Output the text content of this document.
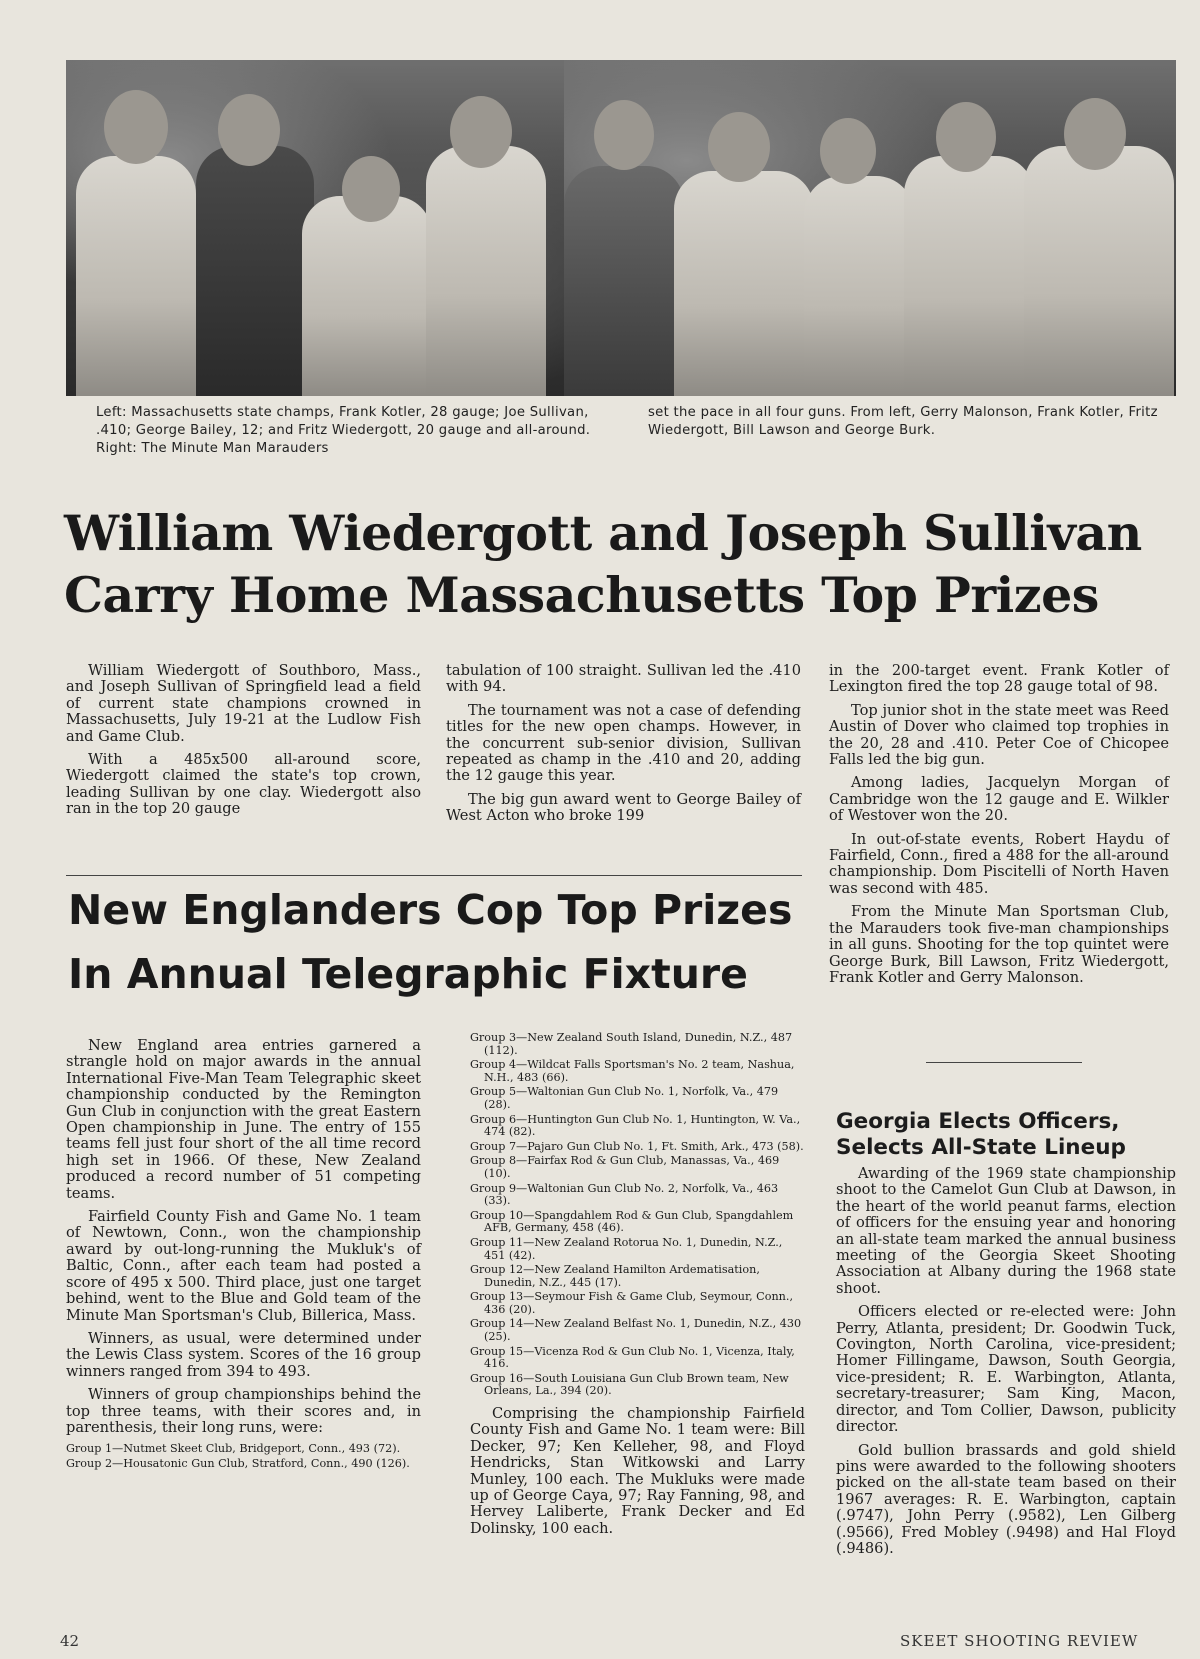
Left: Massachusetts state champs, Frank Kotler, 28 gauge; Joe Sullivan, .410; George Bailey, 12; and Fritz Wiedergott, 20 gauge and all-around. Right: The Minute Man Marauders
set the pace in all four guns. From left, Gerry Malonson, Frank Kotler, Fritz Wiedergott, Bill Lawson and George Burk.
William Wiedergott and Joseph Sullivan Carry Home Massachusetts Top Prizes

William Wiedergott of Southboro, Mass., and Joseph Sullivan of Springfield lead a field of current state champions crowned in Massachusetts, July 19-21 at the Ludlow Fish and Game Club.

With a 485x500 all-around score, Wiedergott claimed the state's top crown, leading Sullivan by one clay. Wiedergott also ran in the top 20 gauge

tabulation of 100 straight. Sullivan led the .410 with 94.

The tournament was not a case of defending titles for the new open champs. However, in the concurrent sub-senior division, Sullivan repeated as champ in the .410 and 20, adding the 12 gauge this year.

The big gun award went to George Bailey of West Acton who broke 199

in the 200-target event. Frank Kotler of Lexington fired the top 28 gauge total of 98.

Top junior shot in the state meet was Reed Austin of Dover who claimed top trophies in the 20, 28 and .410. Peter Coe of Chicopee Falls led the big gun.

Among ladies, Jacquelyn Morgan of Cambridge won the 12 gauge and E. Wilkler of Westover won the 20.

In out-of-state events, Robert Haydu of Fairfield, Conn., fired a 488 for the all-around championship. Dom Piscitelli of North Haven was second with 485.

From the Minute Man Sportsman Club, the Marauders took five-man championships in all guns. Shooting for the top quintet were George Burk, Bill Lawson, Fritz Wiedergott, Frank Kotler and Gerry Malonson.

New Englanders Cop Top Prizes In Annual Telegraphic Fixture

New England area entries garnered a strangle hold on major awards in the annual International Five-Man Team Telegraphic skeet championship conducted by the Remington Gun Club in conjunction with the great Eastern Open championship in June. The entry of 155 teams fell just four short of the all time record high set in 1966. Of these, New Zealand produced a record number of 51 competing teams.

Fairfield County Fish and Game No. 1 team of Newtown, Conn., won the championship award by out-long-running the Mukluk's of Baltic, Conn., after each team had posted a score of 495 x 500. Third place, just one target behind, went to the Blue and Gold team of the Minute Man Sportsman's Club, Billerica, Mass.

Winners, as usual, were determined under the Lewis Class system. Scores of the 16 group winners ranged from 394 to 493.

Winners of group championships behind the top three teams, with their scores and, in parenthesis, their long runs, were:

Group 1—Nutmet Skeet Club, Bridgeport, Conn., 493 (72).

Group 2—Housatonic Gun Club, Stratford, Conn., 490 (126).

Group 3—New Zealand South Island, Dunedin, N.Z., 487 (112).

Group 4—Wildcat Falls Sportsman's No. 2 team, Nashua, N.H., 483 (66).

Group 5—Waltonian Gun Club No. 1, Norfolk, Va., 479 (28).

Group 6—Huntington Gun Club No. 1, Huntington, W. Va., 474 (82).

Group 7—Pajaro Gun Club No. 1, Ft. Smith, Ark., 473 (58).

Group 8—Fairfax Rod & Gun Club, Manassas, Va., 469 (10).

Group 9—Waltonian Gun Club No. 2, Norfolk, Va., 463 (33).

Group 10—Spangdahlem Rod & Gun Club, Spangdahlem AFB, Germany, 458 (46).

Group 11—New Zealand Rotorua No. 1, Dunedin, N.Z., 451 (42).

Group 12—New Zealand Hamilton Ardematisation, Dunedin, N.Z., 445 (17).

Group 13—Seymour Fish & Game Club, Seymour, Conn., 436 (20).

Group 14—New Zealand Belfast No. 1, Dunedin, N.Z., 430 (25).

Group 15—Vicenza Rod & Gun Club No. 1, Vicenza, Italy, 416.

Group 16—South Louisiana Gun Club Brown team, New Orleans, La., 394 (20).

Comprising the championship Fairfield County Fish and Game No. 1 team were: Bill Decker, 97; Ken Kelleher, 98, and Floyd Hendricks, Stan Witkowski and Larry Munley, 100 each. The Mukluks were made up of George Caya, 97; Ray Fanning, 98, and Hervey Laliberte, Frank Decker and Ed Dolinsky, 100 each.

Georgia Elects Officers, Selects All-State Lineup

Awarding of the 1969 state championship shoot to the Camelot Gun Club at Dawson, in the heart of the world peanut farms, election of officers for the ensuing year and honoring an all-state team marked the annual business meeting of the Georgia Skeet Shooting Association at Albany during the 1968 state shoot.

Officers elected or re-elected were: John Perry, Atlanta, president; Dr. Goodwin Tuck, Covington, North Carolina, vice-president; Homer Fillingame, Dawson, South Georgia, vice-president; R. E. Warbington, Atlanta, secretary-treasurer; Sam King, Macon, director, and Tom Collier, Dawson, publicity director.

Gold bullion brassards and gold shield pins were awarded to the following shooters picked on the all-state team based on their 1967 averages: R. E. Warbington, captain (.9747), John Perry (.9582), Len Gilberg (.9566), Fred Mobley (.9498) and Hal Floyd (.9486).

42	SKEET SHOOTING REVIEW
